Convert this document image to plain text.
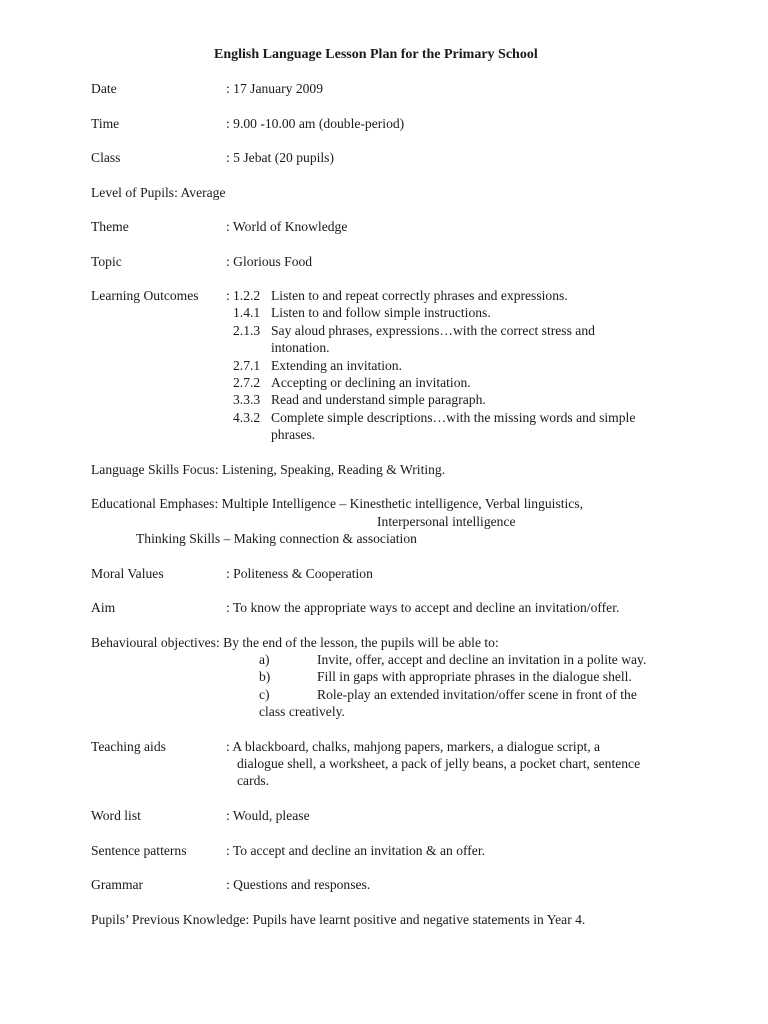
English Language Lesson Plan for the Primary School
Date	: 17 January 2009
Time	: 9.00 -10.00 am (double-period)
Class	: 5 Jebat (20 pupils)
Level of Pupils: Average
Theme	: World of Knowledge
Topic	: Glorious Food
Learning Outcomes : 1.2.2 Listen to and repeat correctly phrases and expressions.
1.4.1 Listen to and follow simple instructions.
2.1.3 Say aloud phrases, expressions…with the correct stress and
intonation.
2.7.1 Extending an invitation.
2.7.2 Accepting or declining an invitation.
3.3.3 Read and understand simple paragraph.
4.3.2 Complete simple descriptions…with the missing words and simple
phrases.
Language Skills Focus: Listening, Speaking, Reading & Writing.
Educational Emphases: Multiple Intelligence – Kinesthetic intelligence, Verbal linguistics,
Interpersonal intelligence
Thinking Skills – Making connection & association
Moral Values	: Politeness & Cooperation
Aim	: To know the appropriate ways to accept and decline an invitation/offer.
Behavioural objectives: By the end of the lesson, the pupils will be able to:
a)	Invite, offer, accept and decline an invitation in a polite way.
b)	Fill in gaps with appropriate phrases in the dialogue shell.
c)	Role-play an extended invitation/offer scene in front of the
class creatively.
Teaching aids	: A blackboard, chalks, mahjong papers, markers, a dialogue script, a
dialogue shell, a worksheet, a pack of jelly beans, a pocket chart, sentence
cards.
Word list	: Would, please
Sentence patterns	: To accept and decline an invitation & an offer.
Grammar	: Questions and responses.
Pupils’ Previous Knowledge: Pupils have learnt positive and negative statements in Year 4.
